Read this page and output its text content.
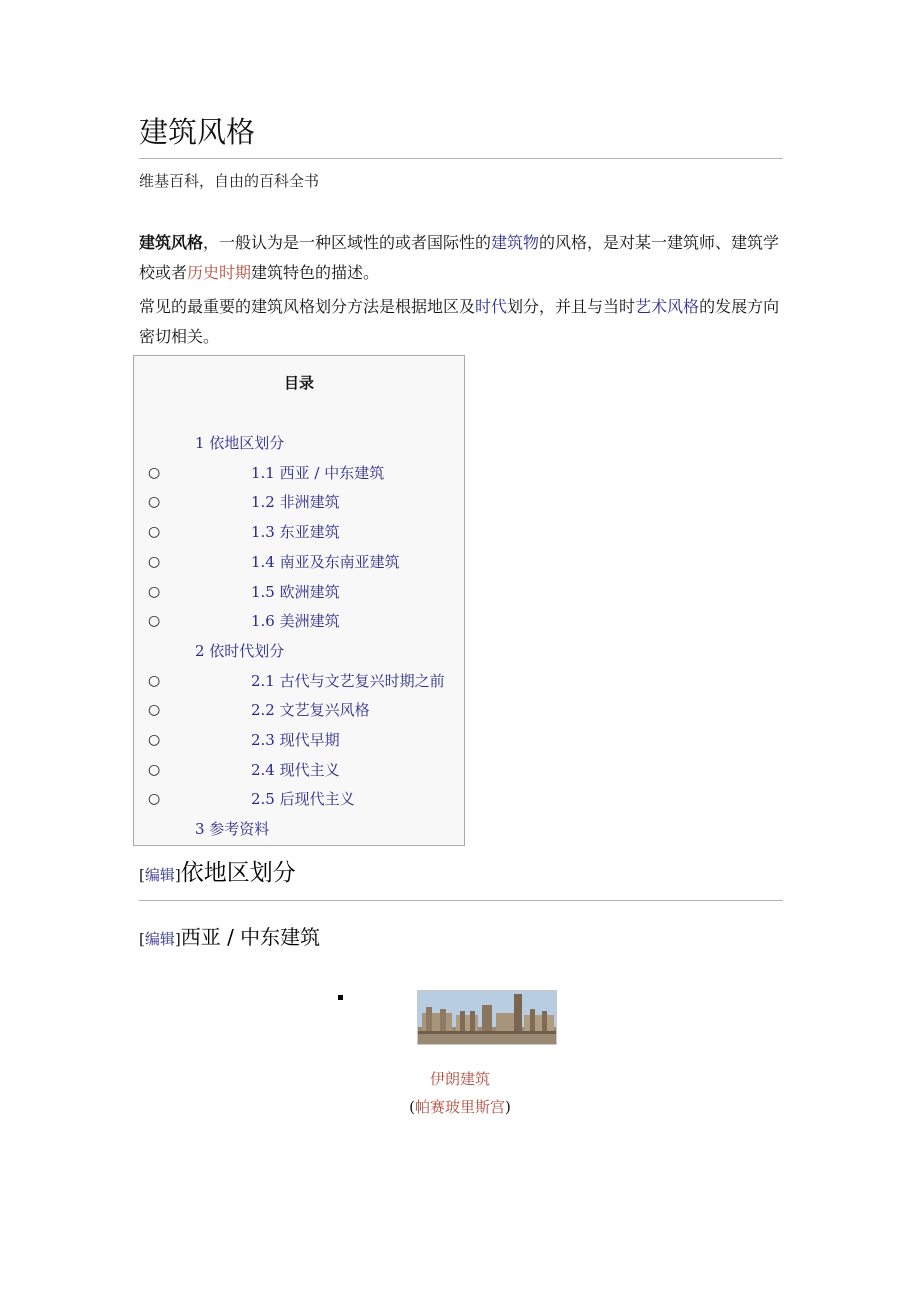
建筑风格
维基百科，自由的百科全书

建筑风格，一般认为是一种区域性的或者国际性的建筑物的风格，是对某一建筑师、建筑学校或者历史时期建筑特色的描述。

常见的最重要的建筑风格划分方法是根据地区及时代划分，并且与当时艺术风格的发展方向密切相关。

目录
1 依地区划分
○	1.1 西亚 / 中东建筑
○	1.2 非洲建筑
○	1.3 东亚建筑
○	1.4 南亚及东南亚建筑
○	1.5 欧洲建筑
○	1.6 美洲建筑
2 依时代划分
○	2.1 古代与文艺复兴时期之前
○	2.2 文艺复兴风格
○	2.3 现代早期
○	2.4 现代主义
○	2.5 后现代主义
3 参考资料
[编辑]依地区划分
[编辑]西亚 / 中东建筑
伊朗建筑
(帕赛玻里斯宫)
